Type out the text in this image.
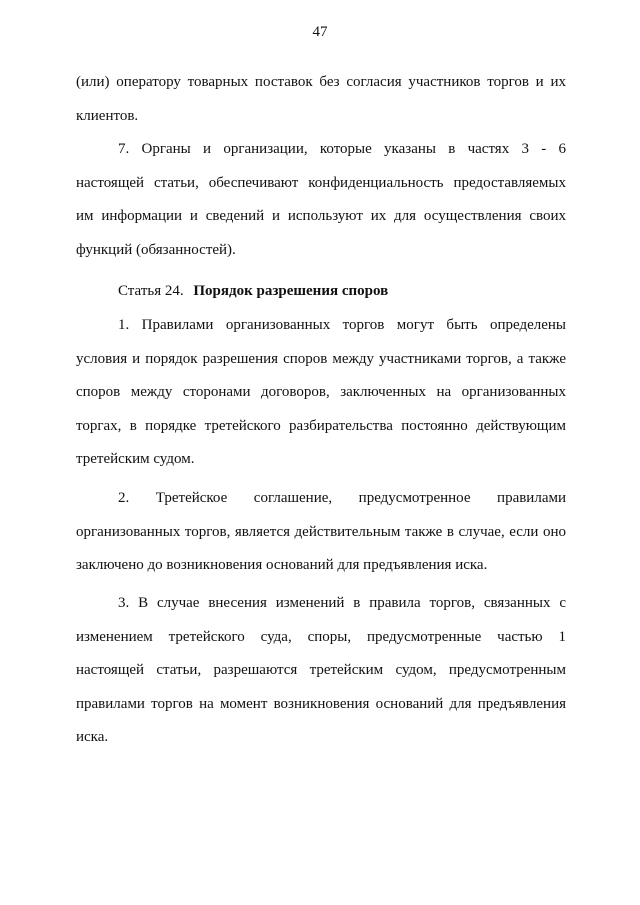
47
(или) оператору товарных поставок без согласия участников торгов и их
клиентов.
7. Органы и организации, которые указаны в частях 3 - 6
настоящей статьи, обеспечивают конфиденциальность предоставляемых
им информации и сведений и используют их для осуществления своих
функций (обязанностей).
Статья 24. Порядок разрешения споров
1. Правилами организованных торгов могут быть определены
условия и порядок разрешения споров между участниками торгов, а также
споров между сторонами договоров, заключенных на организованных
торгах, в порядке третейского разбирательства постоянно действующим
третейским судом.
2. Третейское соглашение, предусмотренное правилами
организованных торгов, является действительным также в случае, если оно
заключено до возникновения оснований для предъявления иска.
3. В случае внесения изменений в правила торгов, связанных с
изменением третейского суда, споры, предусмотренные частью 1
настоящей статьи, разрешаются третейским судом, предусмотренным
правилами торгов на момент возникновения оснований для предъявления
иска.
